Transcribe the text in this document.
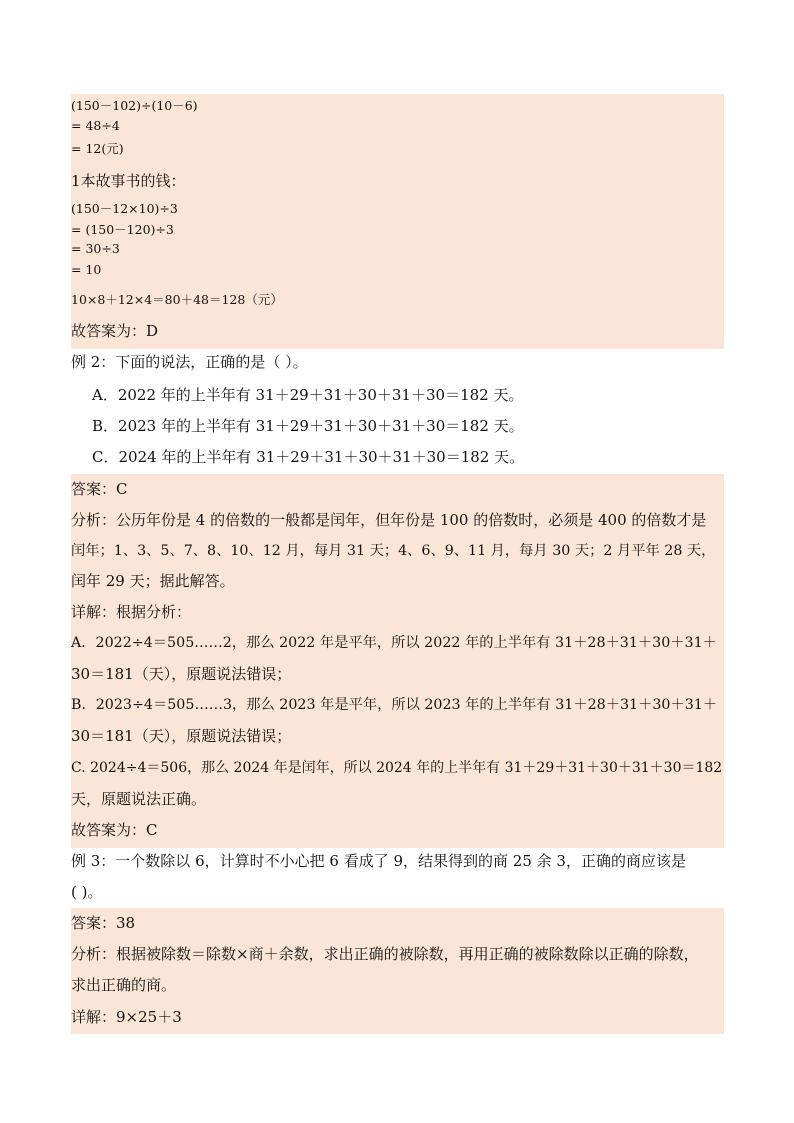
(150－102)÷(10－6)
= 48÷4
= 12(元)
1本故事书的钱：
(150－12×10)÷3
= (150－120)÷3
= 30÷3
= 10
10×8＋12×4＝80＋48＝128（元）
故答案为：D
例 2：下面的说法，正确的是（ ）。
A．2022 年的上半年有 31＋29＋31＋30＋31＋30＝182 天。
B．2023 年的上半年有 31＋29＋31＋30＋31＋30＝182 天。
C．2024 年的上半年有 31＋29＋31＋30＋31＋30＝182 天。
答案：C
分析：公历年份是 4 的倍数的一般都是闰年，但年份是 100 的倍数时，必须是 400 的倍数才是
闰年；1、3、5、7、8、10、12 月，每月 31 天；4、6、9、11 月，每月 30 天；2 月平年 28 天，
闰年 29 天；据此解答。
详解：根据分析：
A．2022÷4＝505……2，那么 2022 年是平年，所以 2022 年的上半年有 31＋28＋31＋30＋31＋
30＝181（天），原题说法错误；
B．2023÷4＝505……3，那么 2023 年是平年，所以 2023 年的上半年有 31＋28＋31＋30＋31＋
30＝181（天），原题说法错误；
C. 2024÷4＝506，那么 2024 年是闰年，所以 2024 年的上半年有 31＋29＋31＋30＋31＋30＝182
天，原题说法正确。
故答案为：C
例 3：一个数除以 6，计算时不小心把 6 看成了 9，结果得到的商 25 余 3，正确的商应该是
( )。
答案：38
分析：根据被除数＝除数×商＋余数，求出正确的被除数，再用正确的被除数除以正确的除数，
求出正确的商。
详解：9×25＋3
